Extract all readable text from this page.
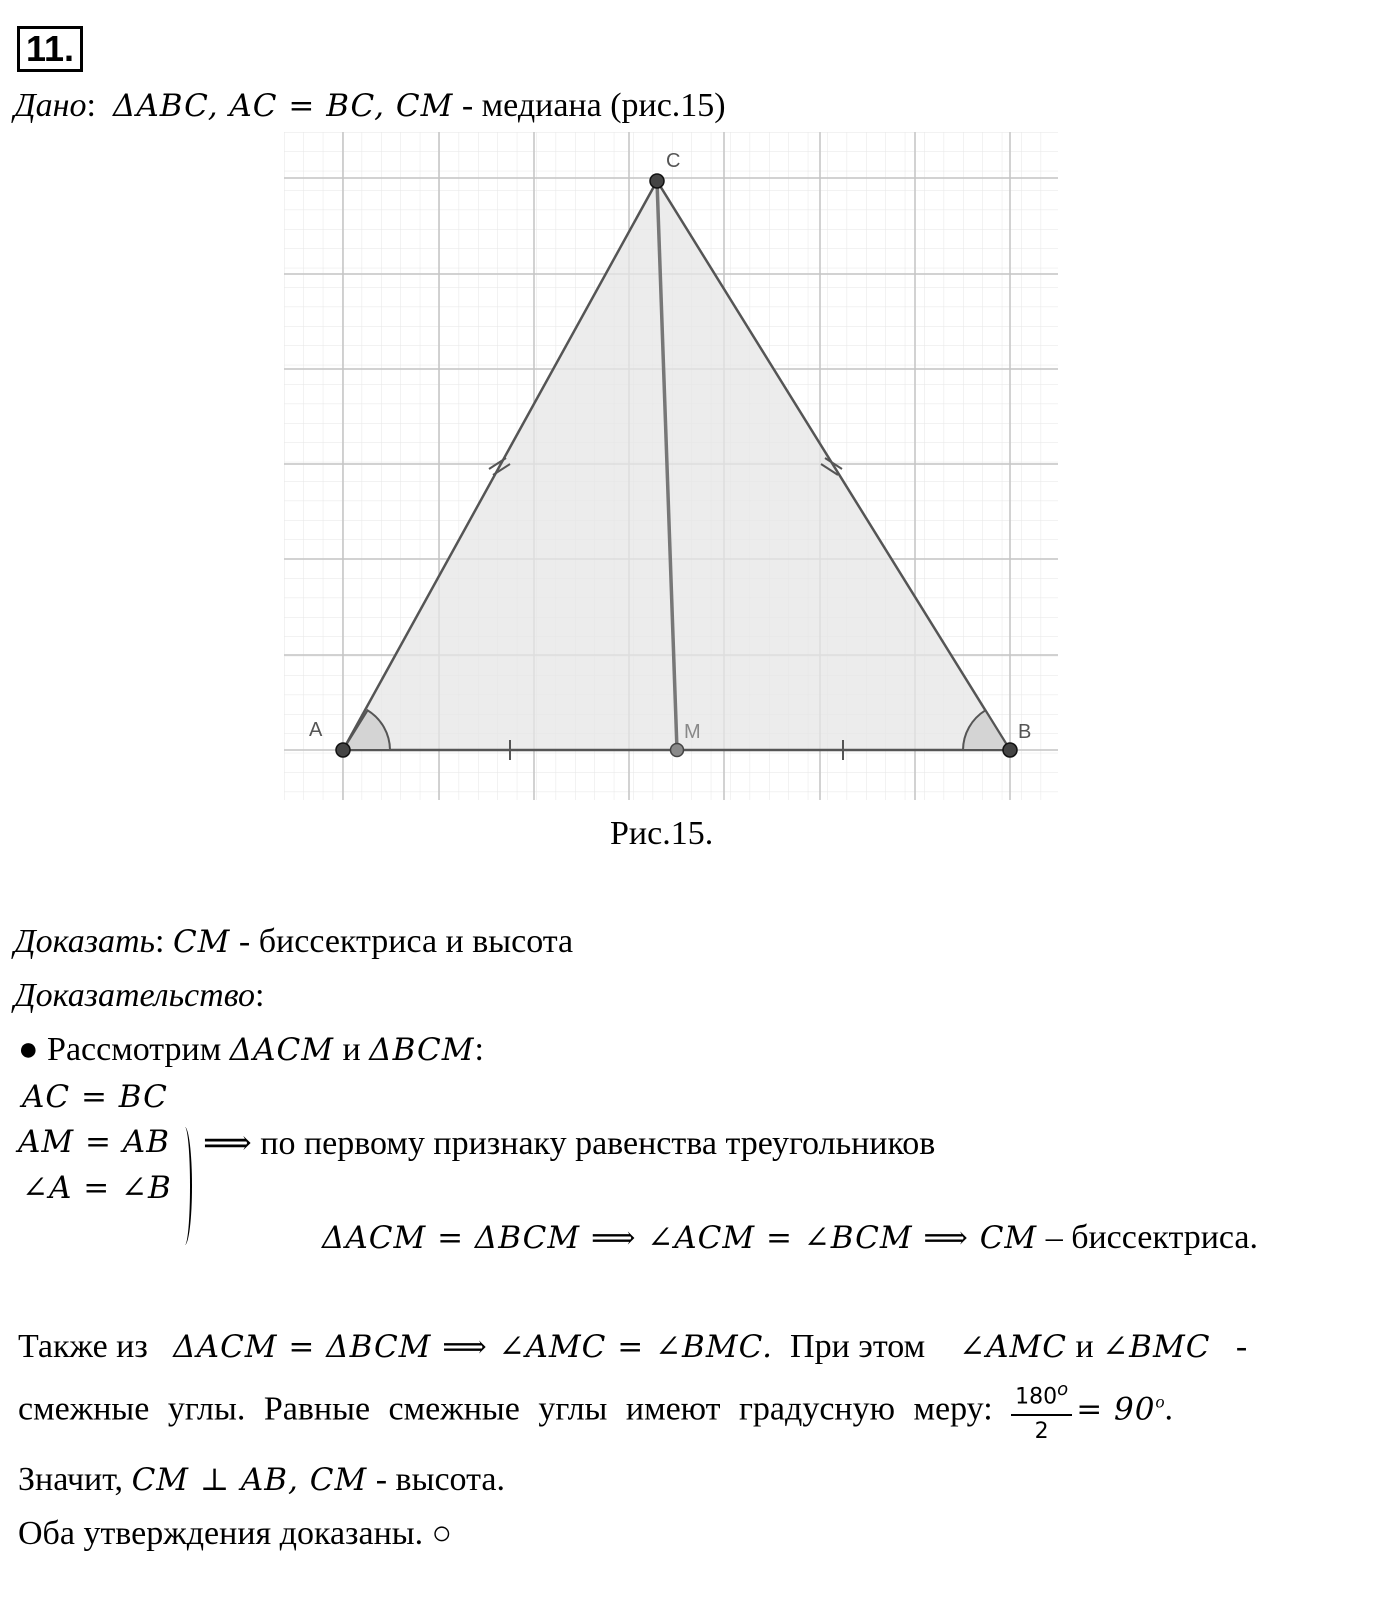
11.
Дано: ΔABC, AC = BC, CM - медиана (рис.15)
A	B
C
M
Рис.15.
Доказать: CM - биссектриса и высота
Доказательство:
● Рассмотрим ΔACM и ΔBCM:
AC = BC
AM = AB
∠A = ∠B
⟹ по первому признаку равенства треугольников
ΔACM = ΔBCM ⟹ ∠ACM = ∠BCM ⟹ CM – биссектриса.
Также из   ΔACM = ΔBCM ⟹ ∠AMC = ∠BMC.  При этом    ∠AMC и ∠BMC   -
смежные углы. Равные смежные углы имеют градусную меру: $\frac{180^o}{2} = 90^o$.
Значит, CM ⊥ AB, CM - высота.
Оба утверждения доказаны. ○
